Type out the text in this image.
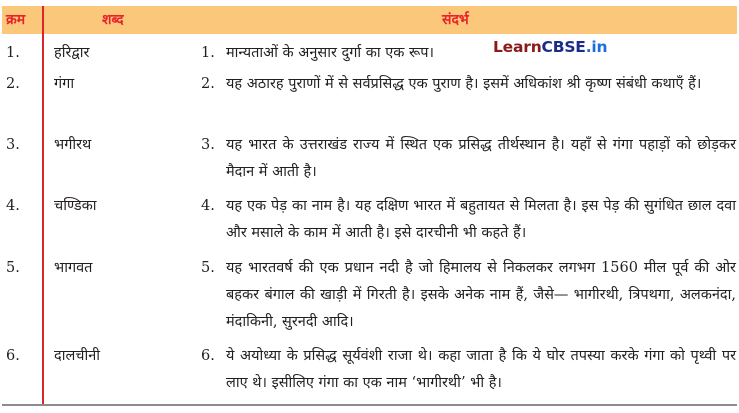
क्रम	शब्द	संदर्भ
1. हरिद्वार	1. मान्यताओं के अनुसार दुर्गा का एक रूप।
2. गंगा	2. यह अठारह पुराणों में से सर्वप्रसिद्ध एक पुराण है। इसमें अधिकांश श्री कृष्ण संबंधी कथाएँ हैं।
3. भगीरथ	3. यह भारत के उत्तराखंड राज्य में स्थित एक प्रसिद्ध तीर्थस्थान है। यहाँ से गंगा पहाड़ों को छोड़कर मैदान में आती है।
4. चण्डिका	4. यह एक पेड़ का नाम है। यह दक्षिण भारत में बहुतायत से मिलता है। इस पेड़ की सुगंधित छाल दवा और मसाले के काम में आती है। इसे दारचीनी भी कहते हैं।
5. भागवत	5. यह भारतवर्ष की एक प्रधान नदी है जो हिमालय से निकलकर लगभग 1560 मील पूर्व की ओर बहकर बंगाल की खाड़ी में गिरती है। इसके अनेक नाम हैं, जैसे— भागीरथी, त्रिपथगा, अलकनंदा, मंदाकिनी, सुरनदी आदि।
6. दालचीनी	6. ये अयोध्या के प्रसिद्ध सूर्यवंशी राजा थे। कहा जाता है कि ये घोर तपस्या करके गंगा को पृथ्वी पर लाए थे। इसीलिए गंगा का एक नाम ‘भागीरथी’ भी है।
LearnCBSE.in
